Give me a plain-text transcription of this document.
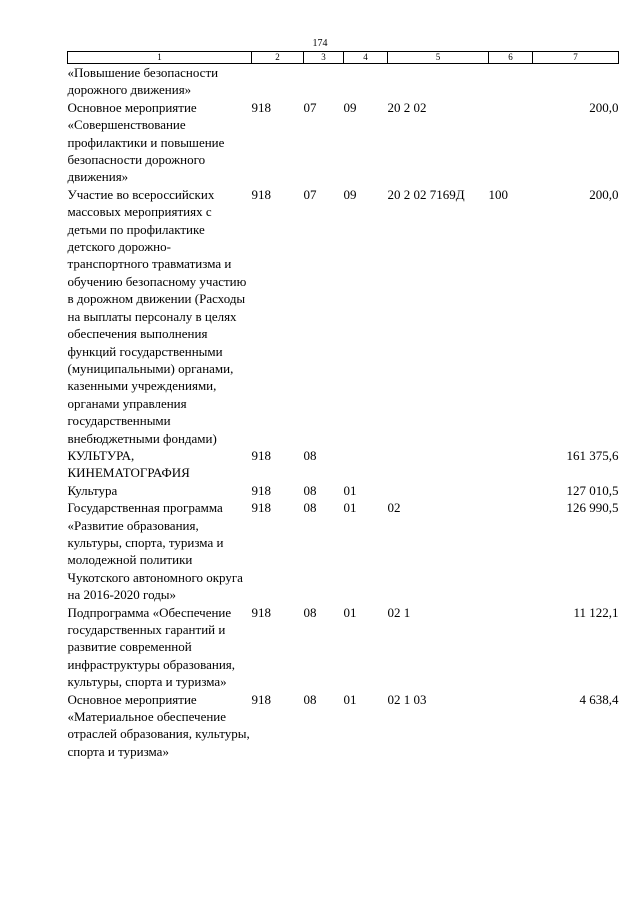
174
1	2	3	4	5	6	7
«Повышение безопасности дорожного движения»						
Основное мероприятие «Совершенствование профилактики и повышение безопасности дорожного движения»	918	07	09	20 2 02		200,0
Участие во всероссийских массовых мероприятиях с детьми по профилактике детского дорожно-транспортного травматизма и обучению безопасному участию в дорожном движении (Расходы на выплаты персоналу в целях обеспечения выполнения функций государственными (муниципальными) органами, казенными учреждениями, органами управления государственными внебюджетными фондами)	918	07	09	20 2 02 7169Д	100	200,0
КУЛЬТУРА, КИНЕМАТОГРАФИЯ	918	08				161 375,6
Культура	918	08	01			127 010,5
Государственная программа «Развитие образования, культуры, спорта, туризма и молодежной политики Чукотского автономного округа на 2016-2020 годы»	918	08	01	02		126 990,5
Подпрограмма «Обеспечение государственных гарантий и развитие современной инфраструктуры образования, культуры, спорта и туризма»	918	08	01	02 1		11 122,1
Основное мероприятие «Материальное обеспечение отраслей образования, культуры, спорта и туризма»	918	08	01	02 1 03		4 638,4
